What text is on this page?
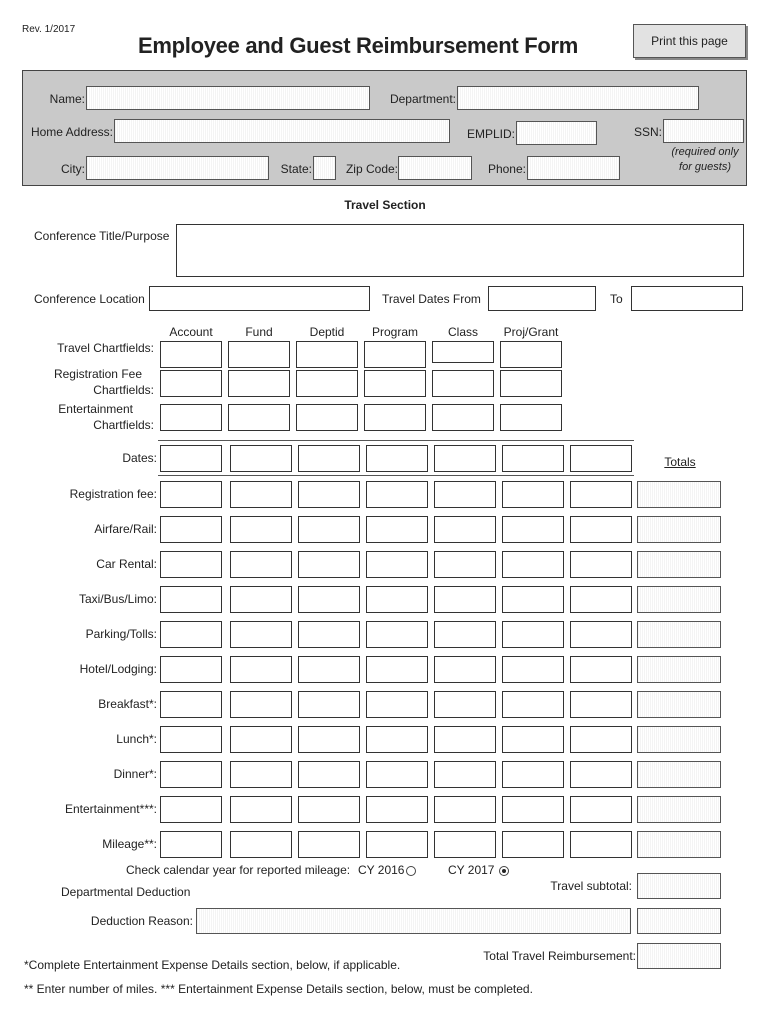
Rev. 1/2017
Employee and Guest Reimbursement Form	Print this page
Name:	Department:
Home Address:	EMPLID:	SSN:
(required only
for guests)
City:	State:	Zip Code:	Phone:
Travel Section
Conference Title/Purpose
Conference Location	Travel Dates From	To
Account	Fund	Deptid	Program	Class	Proj/Grant
Travel Chartfields:
Registration Fee
Chartfields:
Entertainment
Chartfields:
Dates:	Totals
Registration fee:
Airfare/Rail:
Car Rental:
Taxi/Bus/Limo:
Parking/Tolls:
Hotel/Lodging:
Breakfast*:
Lunch*:
Dinner*:
Entertainment***:
Mileage**:
Check calendar year for reported mileage: CY 2016	CY 2017
Travel subtotal:
Departmental Deduction
Deduction Reason:
Total Travel Reimbursement:
*Complete Entertainment Expense Details section, below, if applicable.
** Enter number of miles. *** Entertainment Expense Details section, below, must be completed.
